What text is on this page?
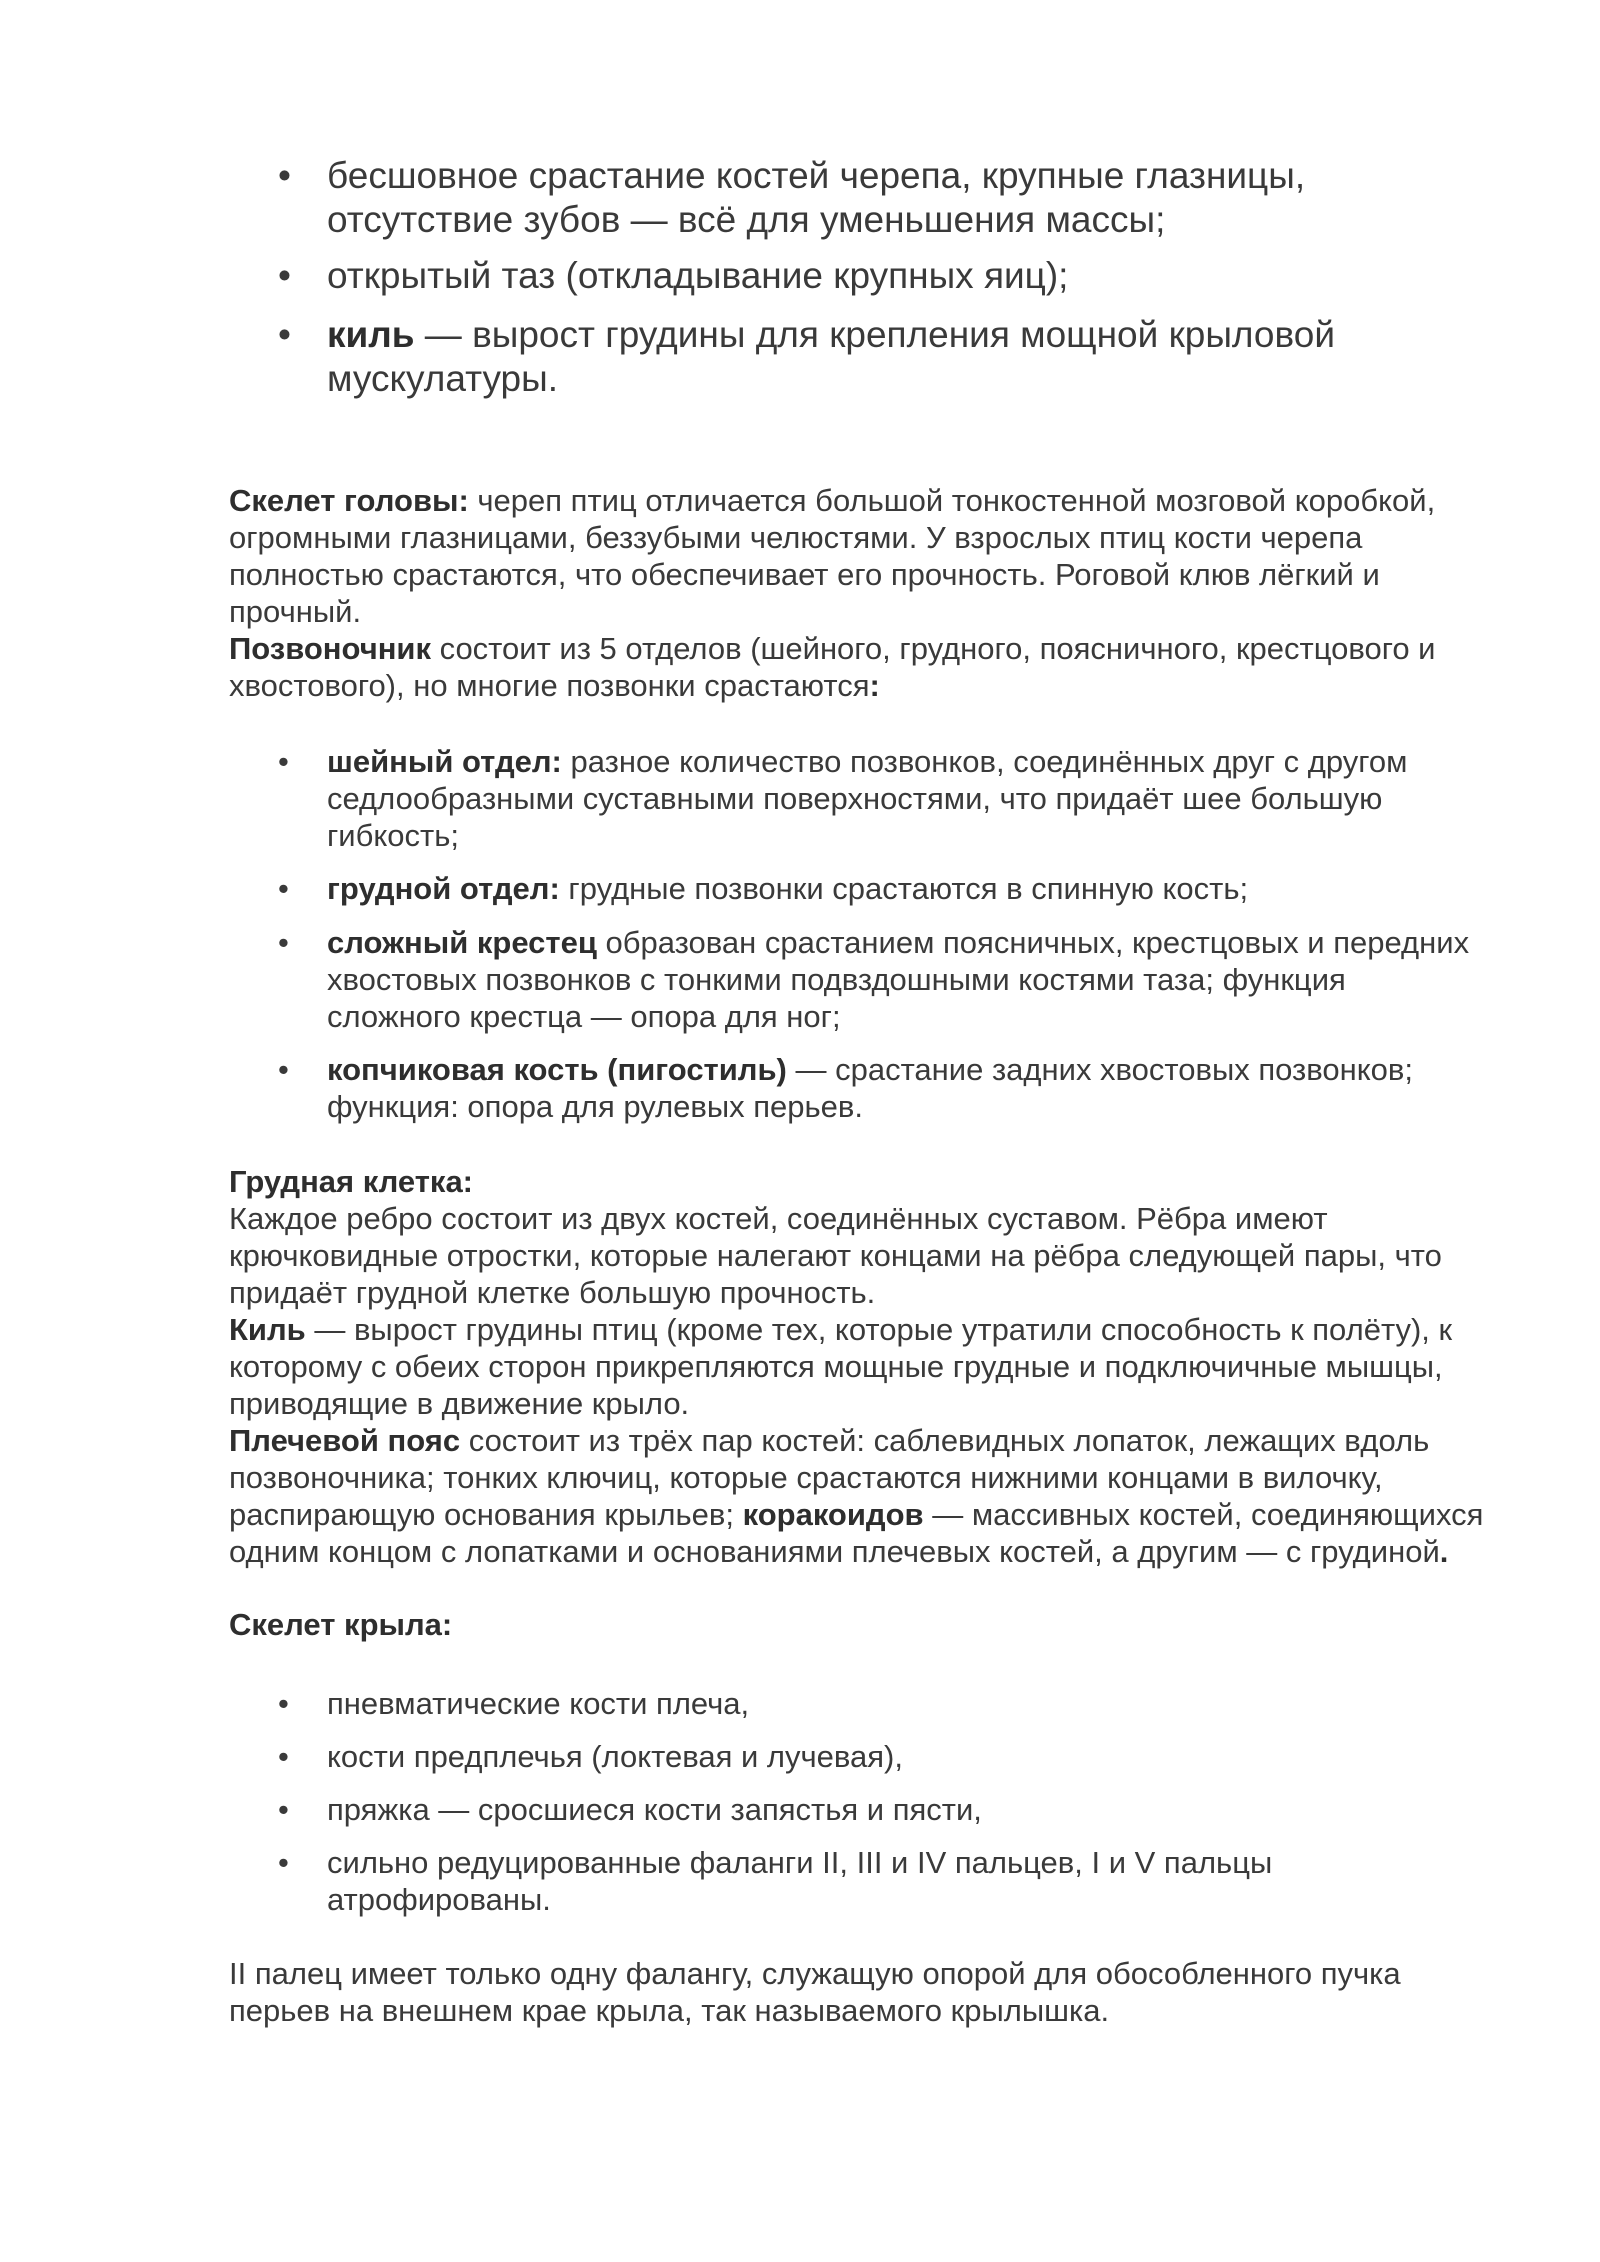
• бесшовное срастание костей черепа, крупные глазницы, отсутствие зубов — всё для уменьшения массы;
• открытый таз (откладывание крупных яиц);
• киль — вырост грудины для крепления мощной крыловой мускулатуры.
Скелет головы: череп птиц отличается большой тонкостенной мозговой коробкой, огромными глазницами, беззубыми челюстями. У взрослых птиц кости черепа полностью срастаются, что обеспечивает его прочность. Роговой клюв лёгкий и прочный.
Позвоночник состоит из 5 отделов (шейного, грудного, поясничного, крестцового и хвостового), но многие позвонки срастаются:
• шейный отдел: разное количество позвонков, соединённых друг с другом седлообразными суставными поверхностями, что придаёт шее большую гибкость;
• грудной отдел: грудные позвонки срастаются в спинную кость;
• сложный крестец образован срастанием поясничных, крестцовых и передних хвостовых позвонков с тонкими подвздошными костями таза; функция сложного крестца — опора для ног;
• копчиковая кость (пигостиль) — срастание задних хвостовых позвонков; функция: опора для рулевых перьев.
Грудная клетка:
Каждое ребро состоит из двух костей, соединённых суставом. Рёбра имеют крючковидные отростки, которые налегают концами на рёбра следующей пары, что придаёт грудной клетке большую прочность.
Киль — вырост грудины птиц (кроме тех, которые утратили способность к полёту), к которому с обеих сторон прикрепляются мощные грудные и подключичные мышцы, приводящие в движение крыло.
Плечевой пояс состоит из трёх пар костей: саблевидных лопаток, лежащих вдоль позвоночника; тонких ключиц, которые срастаются нижними концами в вилочку, распирающую основания крыльев; коракоидов — массивных костей, соединяющихся одним концом с лопатками и основаниями плечевых костей, а другим — с грудиной.
Скелет крыла:
• пневматические кости плеча,
• кости предплечья (локтевая и лучевая),
• пряжка — сросшиеся кости запястья и пясти,
• сильно редуцированные фаланги II, III и IV пальцев, I и V пальцы атрофированы.
II палец имеет только одну фалангу, служащую опорой для обособленного пучка перьев на внешнем крае крыла, так называемого крылышка.
